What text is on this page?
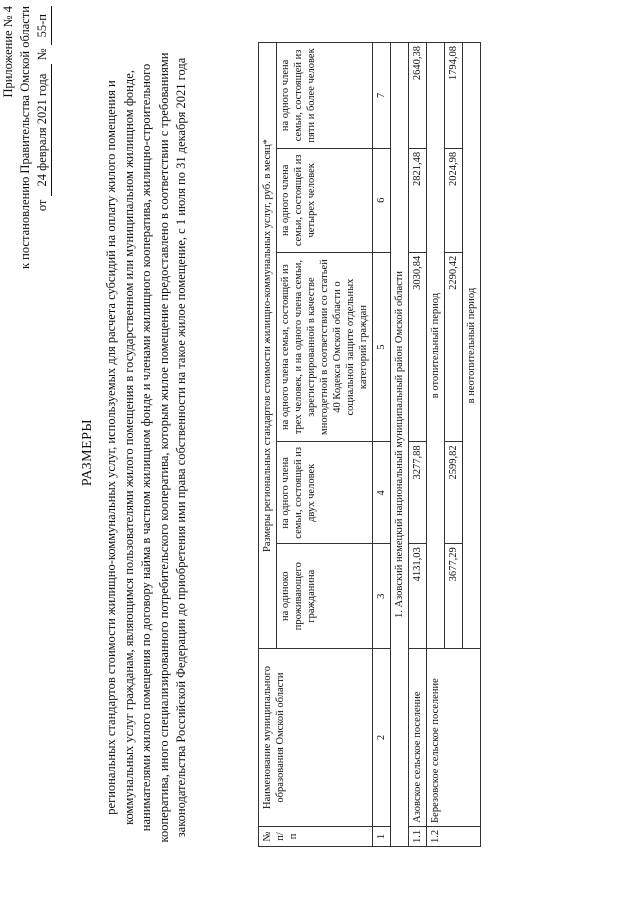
Приложение № 4 к постановлению Правительства Омской области от 24 февраля 2021 года № 55-п
РАЗМЕРЫ региональных стандартов стоимости жилищно-коммунальных услуг, используемых для расчета субсидий на оплату жилого помещения и коммунальных услуг гражданам, являющимся пользователями жилого помещения в государственном или муниципальном жилищном фонде, нанимателями жилого помещения по договору найма в частном жилищном фонде и членами жилищного кооператива, жилищно-строительного кооператива, иного специализированного потребительского кооператива, которым жилое помещение предоставлено в соответствии с требованиями законодательства Российской Федерации до приобретения ими права собственности на такое жилое помещение, с 1 июля по 31 декабря 2021 года	№ п/п	Наименование муниципального образования Омской области	Размеры региональных стандартов стоимости жилищно-коммунальных услуг, руб. в месяц*				
		на одиноко проживающего гражданина	на одного члена семьи, состоящей из двух человек	на одного члена семьи, состоящей из трех человек, и на одного члена семьи, зарегистрированной в качестве многодетной в соответствии со статьей 40 Кодекса Омской области о социальной защите отдельных категорий граждан	на одного члена семьи, состоящей из четырех человек	на одного члена семьи, состоящей из пяти и более человек
1	2	3	4	5	6	7
1. Азовский немецкий национальный муниципальный район Омской области						
1.1	Азовское сельское поселение	4131,03	3277,88	3030,84	2821,48	2640,38
1.2	Березовское сельское поселение	в отопительный период				
		3677,29	2599,82	2290,42	2024,98	1794,08
		в неотопительный период				
